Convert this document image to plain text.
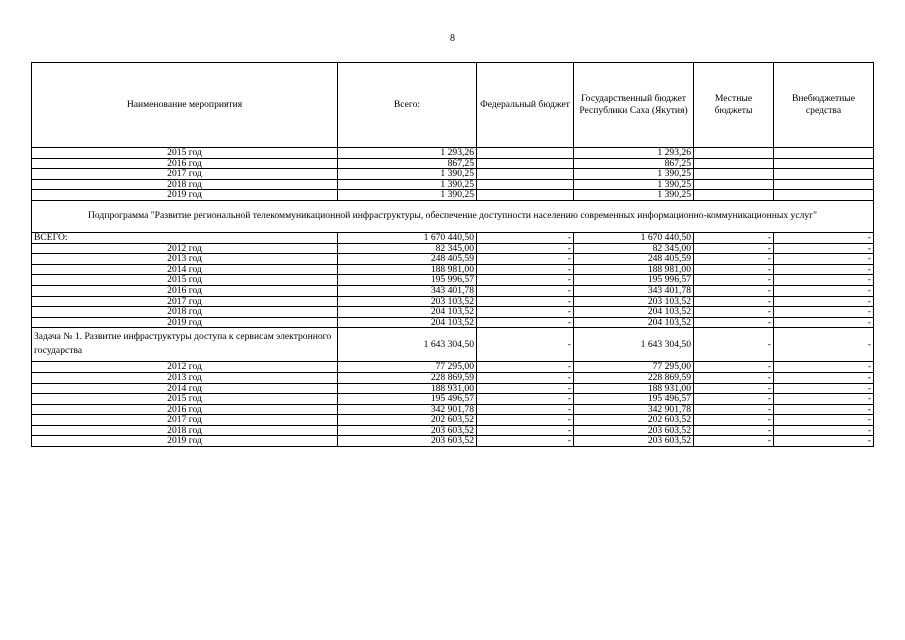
8
Наименование мероприятия	Всего:	Федеральный бюджет	Государственный бюджет Республики Саха (Якутия)	Местные бюджеты	Внебюджетные средства
2015 год	1 293,26		1 293,26		
2016 год	867,25		867,25		
2017 год	1 390,25		1 390,25		
2018 год	1 390,25		1 390,25		
2019 год	1 390,25		1 390,25		
Подпрограмма "Развитие региональной телекоммуникационной инфраструктуры, обеспечение доступности населению современных информационно-коммуникационных услуг"					
ВСЕГО:	1 670 440,50	-	1 670 440,50	-	-
2012 год	82 345,00	-	82 345,00	-	-
2013 год	248 405,59	-	248 405,59	-	-
2014 год	188 981,00	-	188 981,00	-	-
2015 год	195 996,57	-	195 996,57	-	-
2016 год	343 401,78	-	343 401,78	-	-
2017 год	203 103,52	-	203 103,52	-	-
2018 год	204 103,52	-	204 103,52	-	-
2019 год	204 103,52	-	204 103,52	-	-
Задача № 1. Развитие инфраструктуры доступа к сервисам электронного государства	1 643 304,50	-	1 643 304,50	-	-
2012 год	77 295,00	-	77 295,00	-	-
2013 год	228 869,59	-	228 869,59	-	-
2014 год	188 931,00	-	188 931,00	-	-
2015 год	195 496,57	-	195 496,57	-	-
2016 год	342 901,78	-	342 901,78	-	-
2017 год	202 603,52	-	202 603,52	-	-
2018 год	203 603,52	-	203 603,52	-	-
2019 год	203 603,52	-	203 603,52	-	-
